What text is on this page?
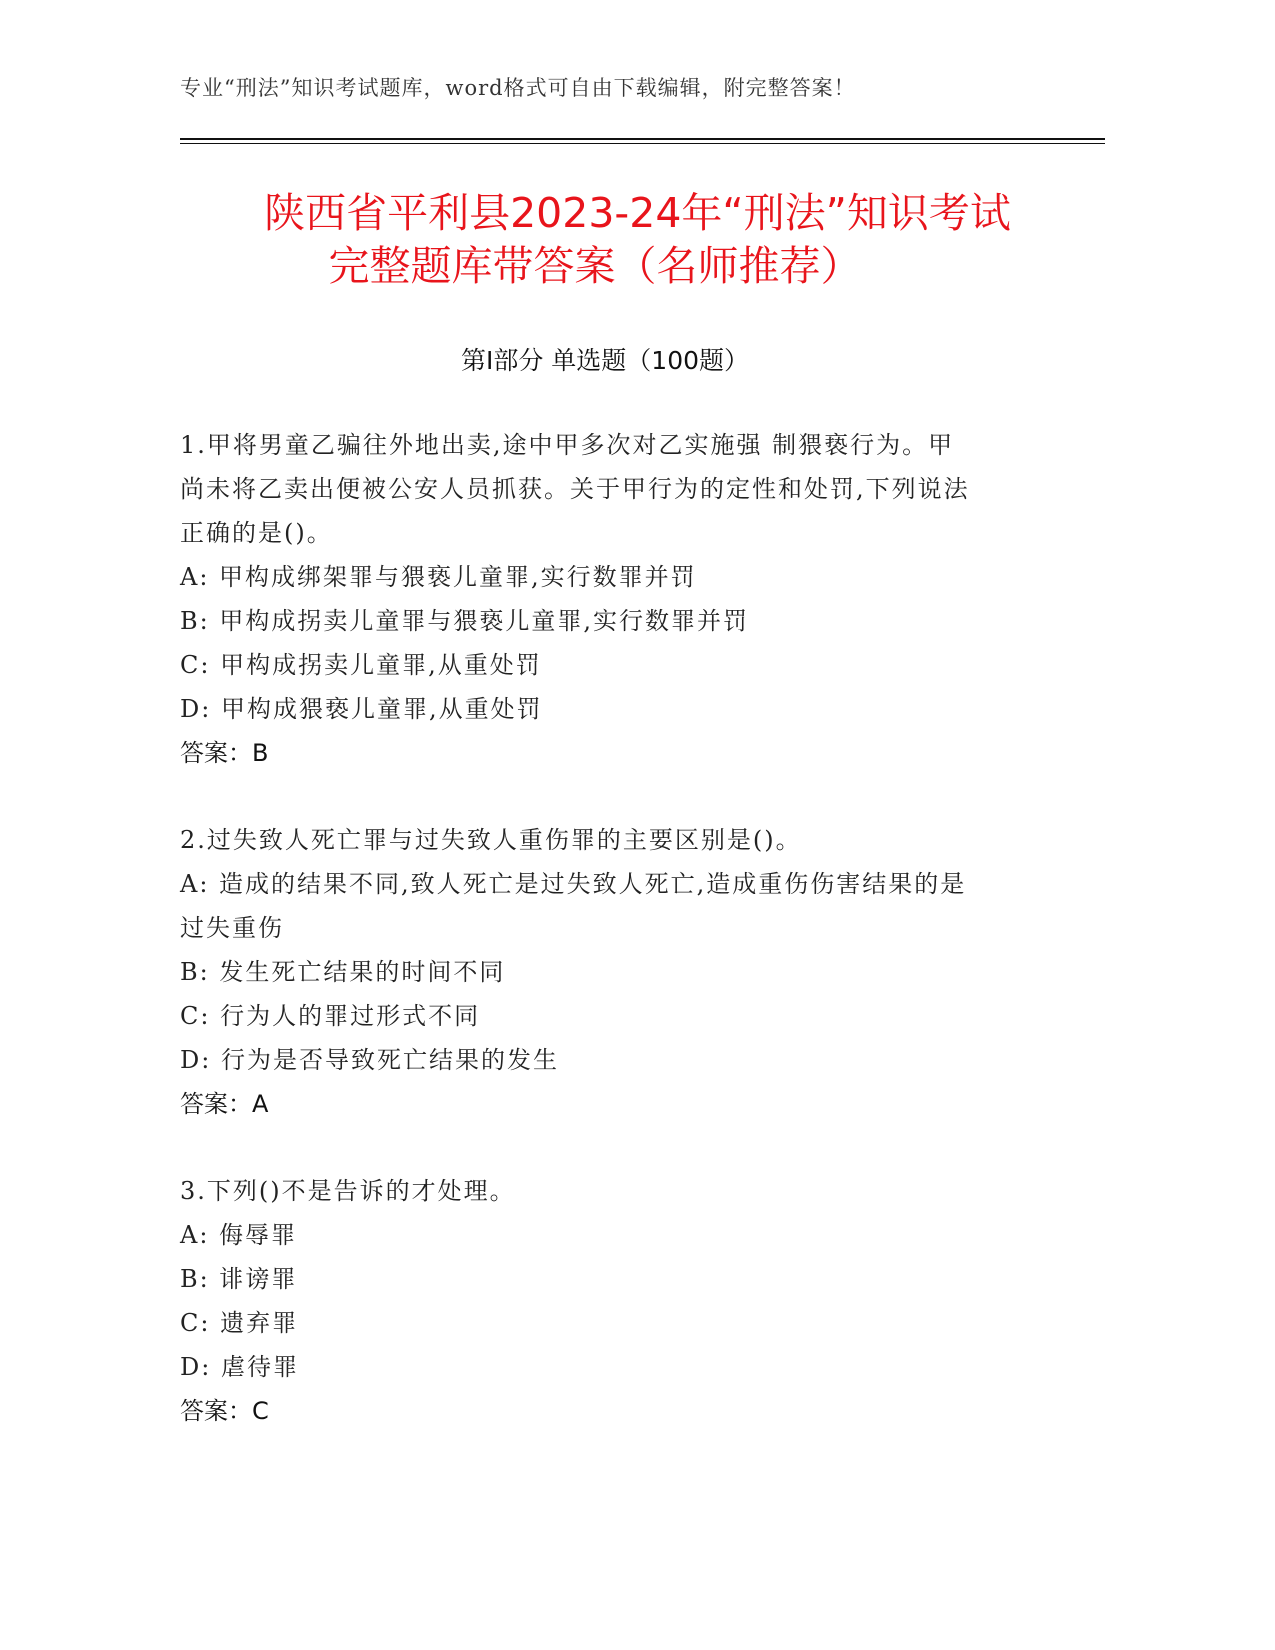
专业“刑法”知识考试题库，word格式可自由下载编辑，附完整答案！
陕西省平利县2023-24年“刑法”知识考试
完整题库带答案（名师推荐）
第I部分 单选题（100题）
1.甲将男童乙骗往外地出卖,途中甲多次对乙实施强 制猥亵行为。甲
尚未将乙卖出便被公安人员抓获。关于甲行为的定性和处罚,下列说法
正确的是()。
A: 甲构成绑架罪与猥亵儿童罪,实行数罪并罚
B: 甲构成拐卖儿童罪与猥亵儿童罪,实行数罪并罚
C: 甲构成拐卖儿童罪,从重处罚
D: 甲构成猥亵儿童罪,从重处罚
答案：B
2.过失致人死亡罪与过失致人重伤罪的主要区别是()。
A: 造成的结果不同,致人死亡是过失致人死亡,造成重伤伤害结果的是
过失重伤
B: 发生死亡结果的时间不同
C: 行为人的罪过形式不同
D: 行为是否导致死亡结果的发生
答案：A
3.下列()不是告诉的才处理。
A: 侮辱罪
B: 诽谤罪
C: 遗弃罪
D: 虐待罪
答案：C
